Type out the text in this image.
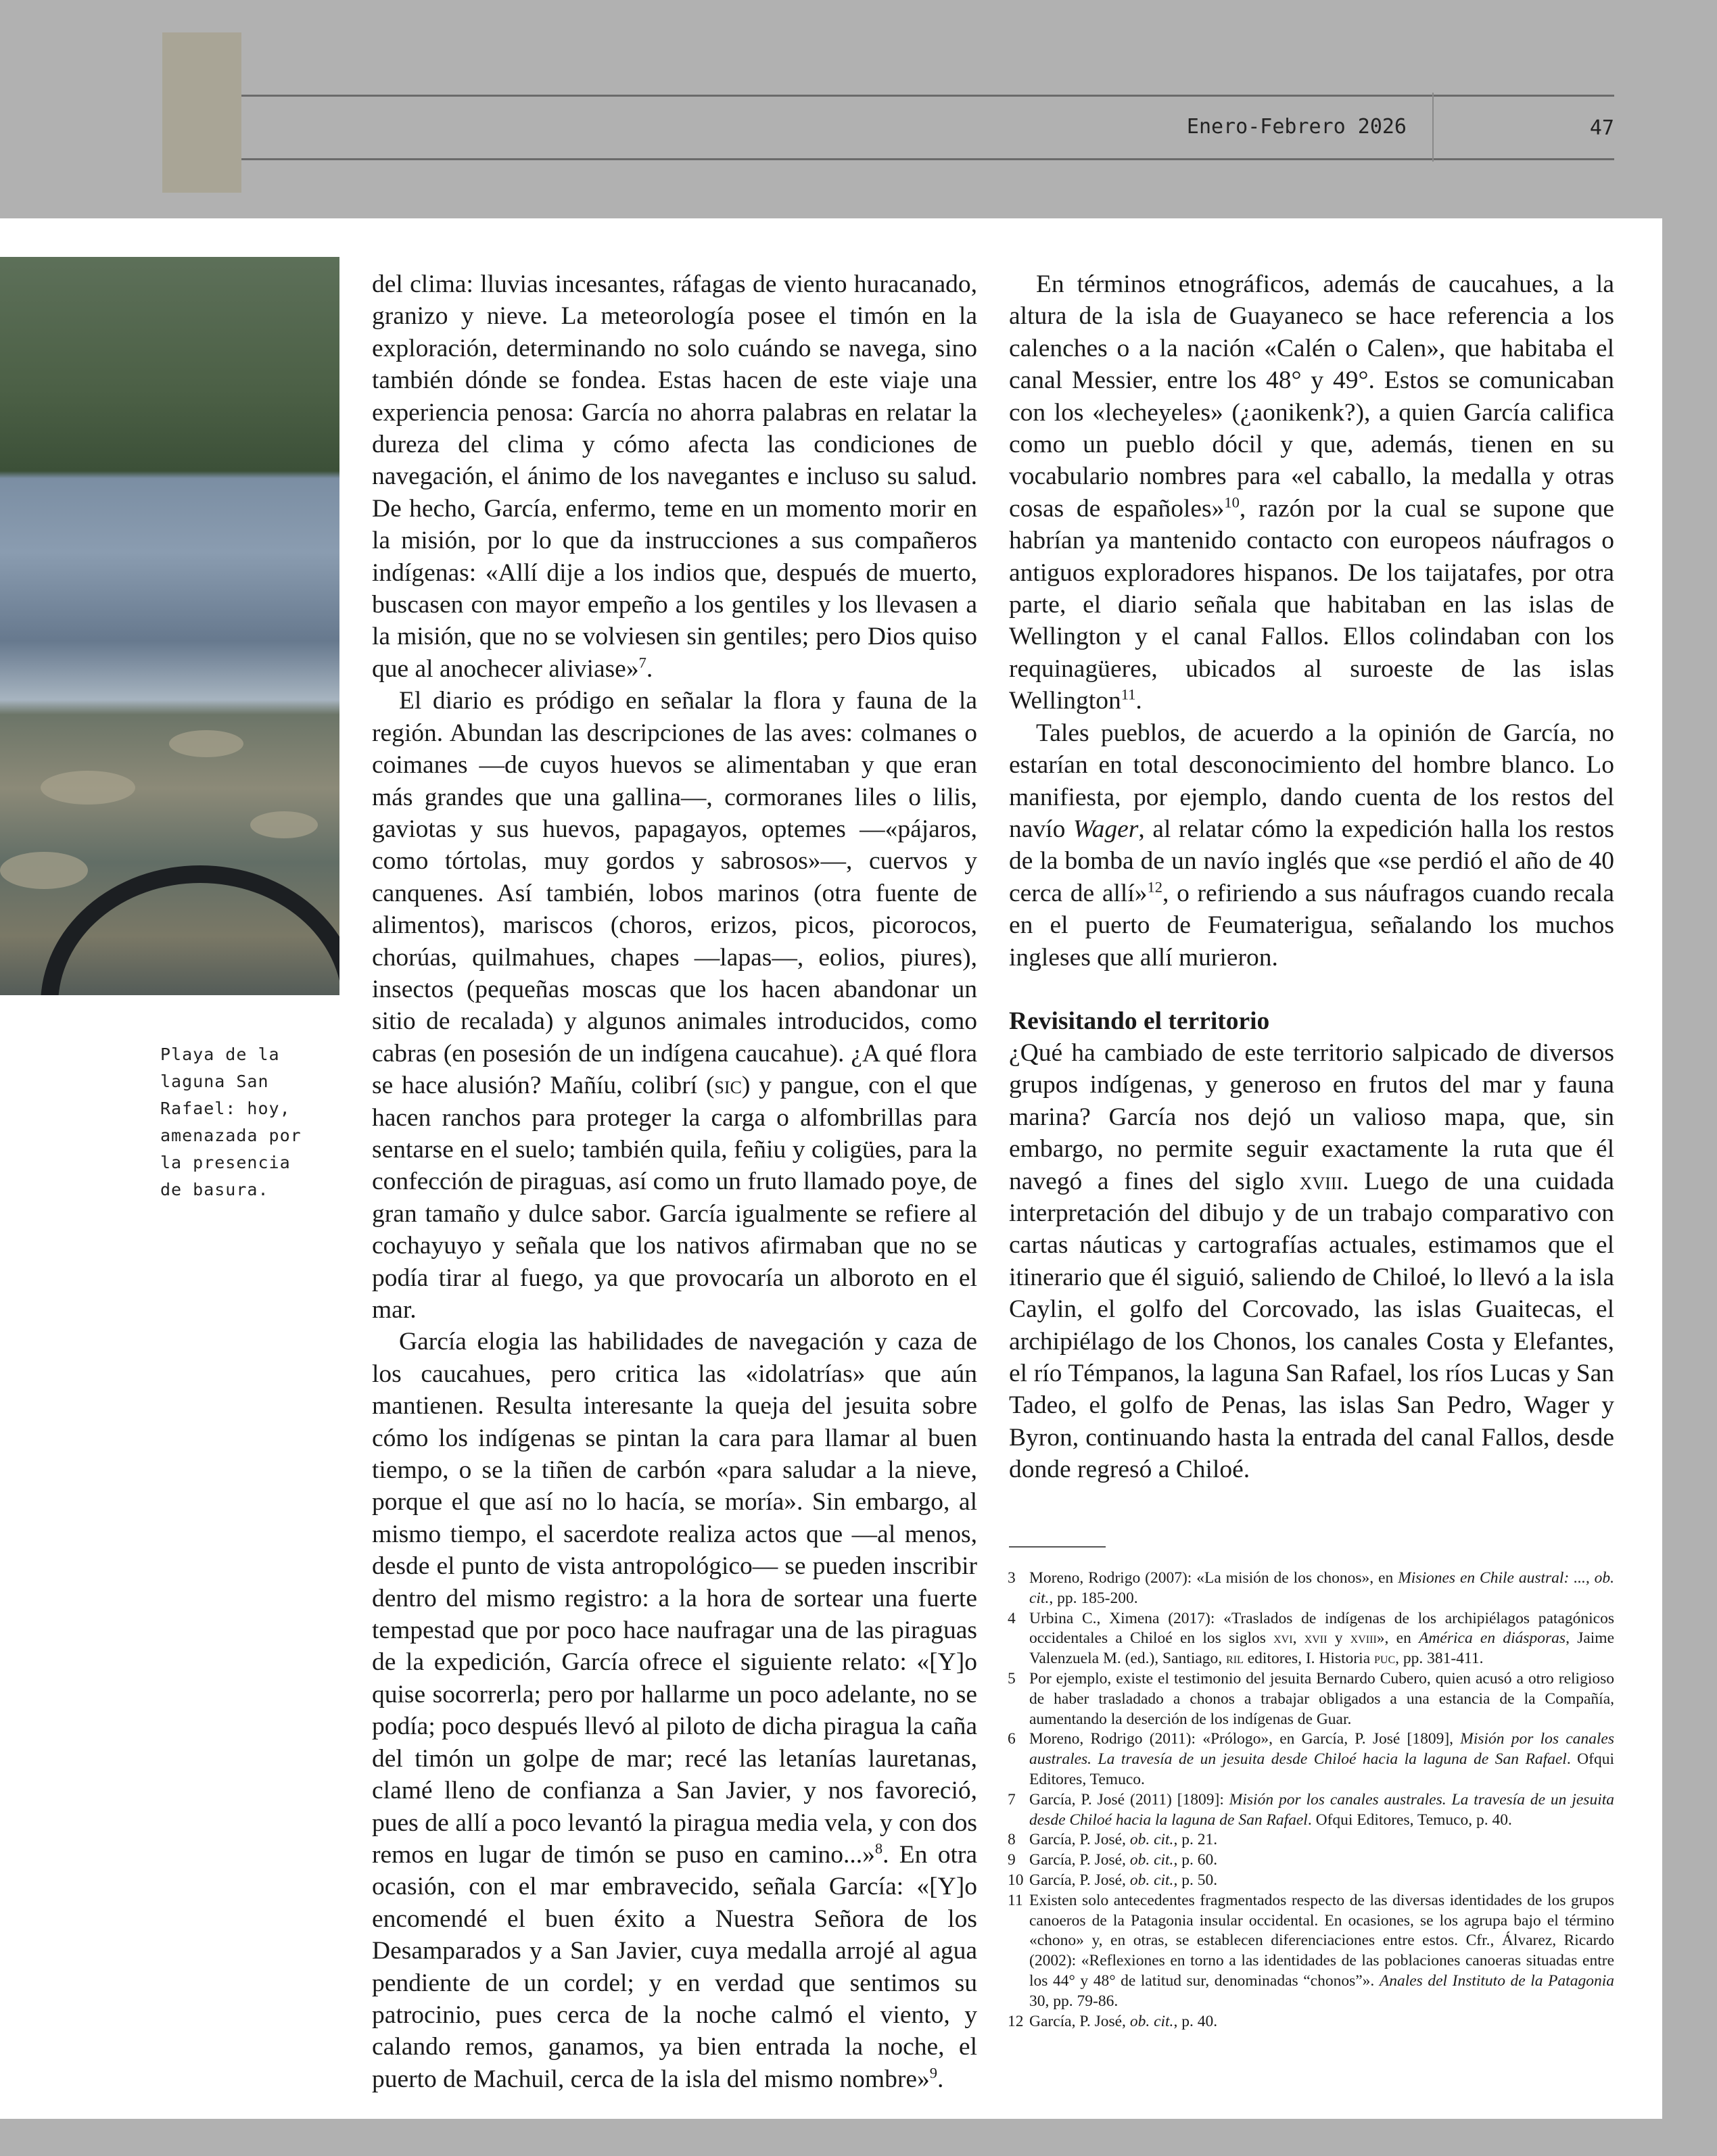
Enero-Febrero 2026	47
Playa de la
laguna San
Rafael: hoy,
amenazada por
la presencia
de basura.

del clima: lluvias incesantes, ráfagas de viento huracanado, granizo y nieve. La meteorología posee el timón en la exploración, determinando no solo cuándo se navega, sino también dónde se fondea. Estas hacen de este viaje una experiencia penosa: García no ahorra palabras en relatar la dureza del clima y cómo afecta las condiciones de navegación, el ánimo de los navegantes e incluso su salud. De hecho, García, enfermo, teme en un momento morir en la misión, por lo que da instrucciones a sus compañeros indígenas: «Allí dije a los indios que, después de muerto, buscasen con mayor empeño a los gentiles y los llevasen a la misión, que no se volviesen sin gentiles; pero Dios quiso que al anochecer aliviase»$^7$.

El diario es pródigo en señalar la flora y fauna de la región. Abundan las descripciones de las aves: colmanes o coimanes —de cuyos huevos se alimentaban y que eran más grandes que una gallina—, cormoranes liles o lilis, gaviotas y sus huevos, papagayos, optemes —«pájaros, como tórtolas, muy gordos y sabrosos»—, cuervos y canquenes. Así también, lobos marinos (otra fuente de alimentos), mariscos (choros, erizos, picos, picorocos, chorúas, quilmahues, chapes —lapas—, eolios, piures), insectos (pequeñas moscas que los hacen abandonar un sitio de recalada) y algunos animales introducidos, como cabras (en posesión de un indígena caucahue). ¿A qué flora se hace alusión? Mañíu, colibrí (sic) y pangue, con el que hacen ranchos para proteger la carga o alfombrillas para sentarse en el suelo; también quila, feñiu y coligües, para la confección de piraguas, así como un fruto llamado poye, de gran tamaño y dulce sabor. García igualmente se refiere al cochayuyo y señala que los nativos afirmaban que no se podía tirar al fuego, ya que provocaría un alboroto en el mar.

García elogia las habilidades de navegación y caza de los caucahues, pero critica las «idolatrías» que aún mantienen. Resulta interesante la queja del jesuita sobre cómo los indígenas se pintan la cara para llamar al buen tiempo, o se la tiñen de carbón «para saludar a la nieve, porque el que así no lo hacía, se moría». Sin embargo, al mismo tiempo, el sacerdote realiza actos que —al menos, desde el punto de vista antropológico— se pueden inscribir dentro del mismo registro: a la hora de sortear una fuerte tempestad que por poco hace naufragar una de las piraguas de la expedición, García ofrece el siguiente relato: «[Y]o quise socorrerla; pero por hallarme un poco adelante, no se podía; poco después llevó al piloto de dicha piragua la caña del timón un golpe de mar; recé las letanías lauretanas, clamé lleno de confianza a San Javier, y nos favoreció, pues de allí a poco levantó la piragua media vela, y con dos remos en lugar de timón se puso en camino...»$^8$. En otra ocasión, con el mar embravecido, señala García: «[Y]o encomendé el buen éxito a Nuestra Señora de los Desamparados y a San Javier, cuya medalla arrojé al agua pendiente de un cordel; y en verdad que sentimos su patrocinio, pues cerca de la noche calmó el viento, y calando remos, ganamos, ya bien entrada la noche, el puerto de Machuil, cerca de la isla del mismo nombre»$^9$.

En términos etnográficos, además de caucahues, a la altura de la isla de Guayaneco se hace referencia a los calenches o a la nación «Calén o Calen», que habitaba el canal Messier, entre los 48° y 49°. Estos se comunicaban con los «lecheyeles» (¿aonikenk?), a quien García califica como un pueblo dócil y que, además, tienen en su vocabulario nombres para «el caballo, la medalla y otras cosas de españoles»$^{10}$, razón por la cual se supone que habrían ya mantenido contacto con europeos náufragos o antiguos exploradores hispanos. De los taijatafes, por otra parte, el diario señala que habitaban en las islas de Wellington y el canal Fallos. Ellos colindaban con los requinagüeres, ubicados al suroeste de las islas Wellington$^{11}$.

Tales pueblos, de acuerdo a la opinión de García, no estarían en total desconocimiento del hombre blanco. Lo manifiesta, por ejemplo, dando cuenta de los restos del navío Wager, al relatar cómo la expedición halla los restos de la bomba de un navío inglés que «se perdió el año de 40 cerca de allí»$^{12}$, o refiriendo a sus náufragos cuando recala en el puerto de Feumaterigua, señalando los muchos ingleses que allí murieron.

Revisitando el territorio

¿Qué ha cambiado de este territorio salpicado de diversos grupos indígenas, y generoso en frutos del mar y fauna marina? García nos dejó un valioso mapa, que, sin embargo, no permite seguir exactamente la ruta que él navegó a fines del siglo xviii. Luego de una cuidada interpretación del dibujo y de un trabajo comparativo con cartas náuticas y cartografías actuales, estimamos que el itinerario que él siguió, saliendo de Chiloé, lo llevó a la isla Caylin, el golfo del Corcovado, las islas Guaitecas, el archipiélago de los Chonos, los canales Costa y Elefantes, el río Témpanos, la laguna San Rafael, los ríos Lucas y San Tadeo, el golfo de Penas, las islas San Pedro, Wager y Byron, continuando hasta la entrada del canal Fallos, desde donde regresó a Chiloé.

3 Moreno, Rodrigo (2007): «La misión de los chonos», en Misiones en Chile austral: ..., ob. cit., pp. 185-200.
4 Urbina C., Ximena (2017): «Traslados de indígenas de los archipiélagos patagónicos occidentales a Chiloé en los siglos xvi, xvii y xviii», en América en diásporas, Jaime Valenzuela M. (ed.), Santiago, ril editores, I. Historia puc, pp. 381-411.
5 Por ejemplo, existe el testimonio del jesuita Bernardo Cubero, quien acusó a otro religioso de haber trasladado a chonos a trabajar obligados a una estancia de la Compañía, aumentando la deserción de los indígenas de Guar.
6 Moreno, Rodrigo (2011): «Prólogo», en García, P. José [1809], Misión por los canales australes. La travesía de un jesuita desde Chiloé hacia la laguna de San Rafael. Ofqui Editores, Temuco.
7 García, P. José (2011) [1809]: Misión por los canales australes. La travesía de un jesuita desde Chiloé hacia la laguna de San Rafael. Ofqui Editores, Temuco, p. 40.
8 García, P. José, ob. cit., p. 21.
9 García, P. José, ob. cit., p. 60.
10 García, P. José, ob. cit., p. 50.
11 Existen solo antecedentes fragmentados respecto de las diversas identidades de los grupos canoeros de la Patagonia insular occidental. En ocasiones, se los agrupa bajo el término «chono» y, en otras, se establecen diferenciaciones entre estos. Cfr., Álvarez, Ricardo (2002): «Reflexiones en torno a las identidades de las poblaciones canoeras situadas entre los 44° y 48° de latitud sur, denominadas “chonos”». Anales del Instituto de la Patagonia 30, pp. 79-86.
12 García, P. José, ob. cit., p. 40.
